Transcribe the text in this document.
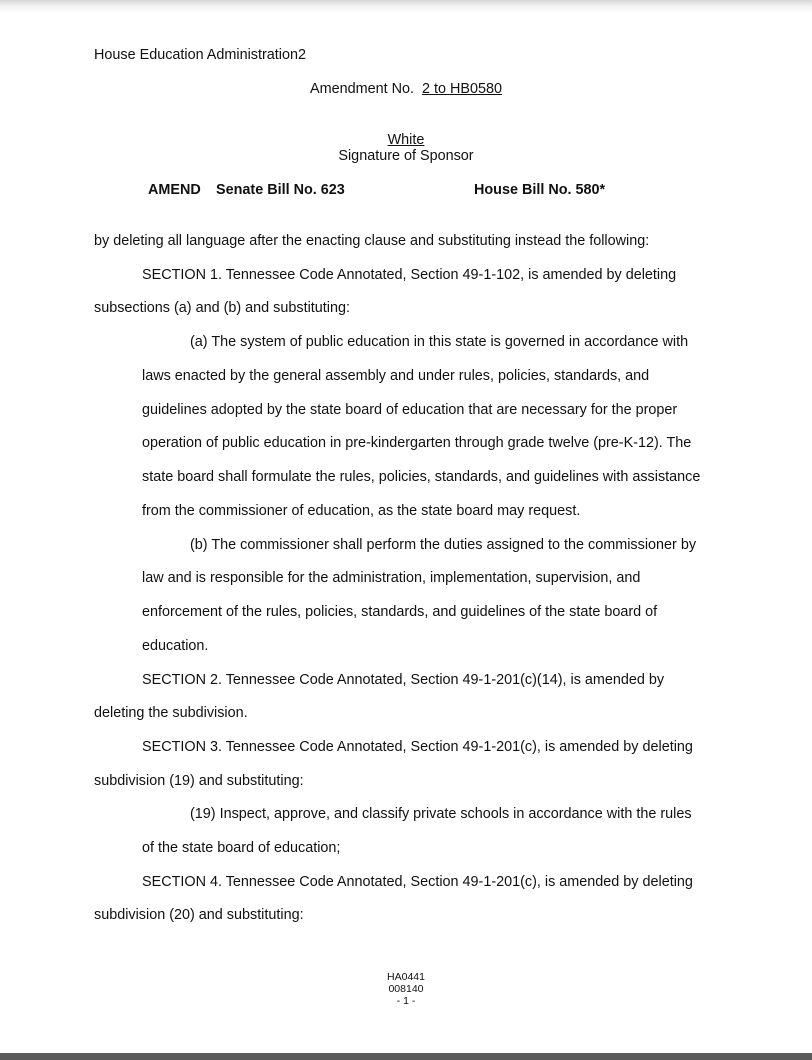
House Education Administration2
Amendment No. 2 to HB0580
White
Signature of Sponsor
AMEND Senate Bill No. 623	House Bill No. 580*
by deleting all language after the enacting clause and substituting instead the following:
SECTION 1. Tennessee Code Annotated, Section 49-1-102, is amended by deleting
subsections (a) and (b) and substituting:
(a) The system of public education in this state is governed in accordance with
laws enacted by the general assembly and under rules, policies, standards, and
guidelines adopted by the state board of education that are necessary for the proper
operation of public education in pre-kindergarten through grade twelve (pre-K-12). The
state board shall formulate the rules, policies, standards, and guidelines with assistance
from the commissioner of education, as the state board may request.
(b) The commissioner shall perform the duties assigned to the commissioner by
law and is responsible for the administration, implementation, supervision, and
enforcement of the rules, policies, standards, and guidelines of the state board of
education.
SECTION 2. Tennessee Code Annotated, Section 49-1-201(c)(14), is amended by
deleting the subdivision.
SECTION 3. Tennessee Code Annotated, Section 49-1-201(c), is amended by deleting
subdivision (19) and substituting:
(19) Inspect, approve, and classify private schools in accordance with the rules
of the state board of education;
SECTION 4. Tennessee Code Annotated, Section 49-1-201(c), is amended by deleting
subdivision (20) and substituting:
HA0441
008140
- 1 -
